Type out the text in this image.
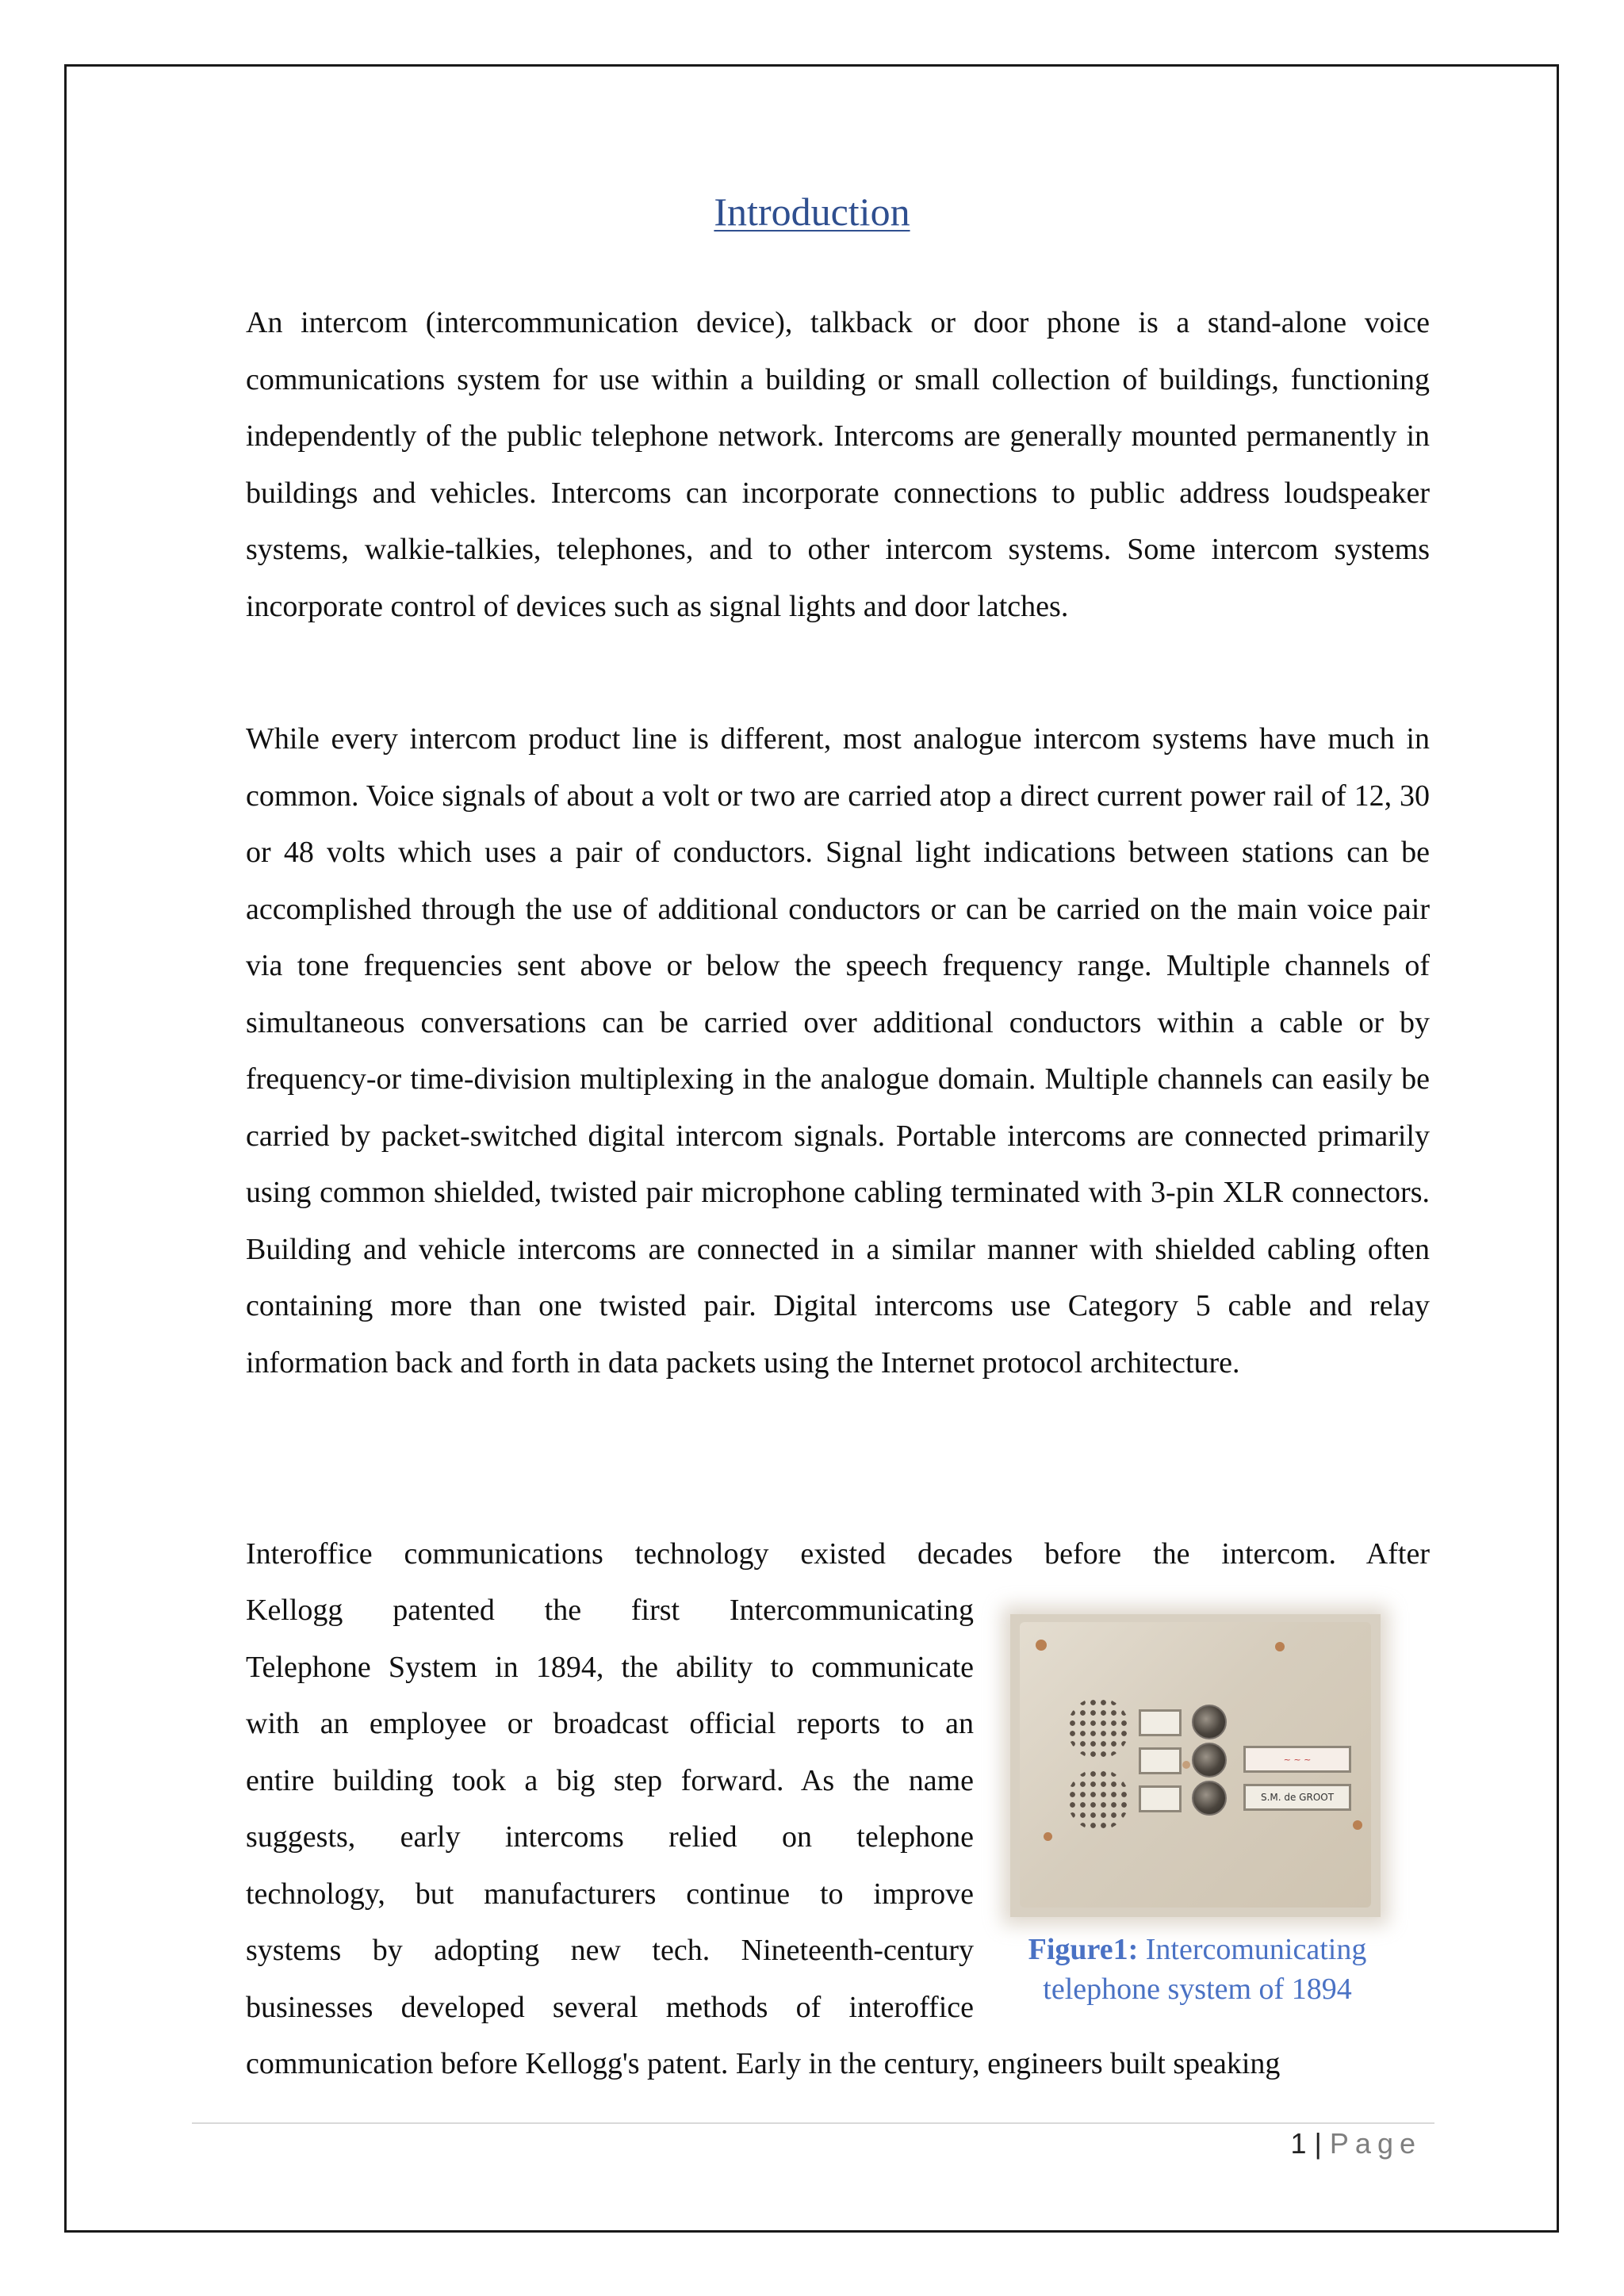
Introduction

An intercom (intercommunication device), talkback or door phone is a stand-alone voice communications system for use within a building or small collection of buildings, functioning independently of the public telephone network. Intercoms are generally mounted permanently in buildings and vehicles. Intercoms can incorporate connections to public address loudspeaker systems, walkie-talkies, telephones, and to other intercom systems. Some intercom systems incorporate control of devices such as signal lights and door latches.

While every intercom product line is different, most analogue intercom systems have much in common. Voice signals of about a volt or two are carried atop a direct current power rail of 12, 30 or 48 volts which uses a pair of conductors. Signal light indications between stations can be accomplished through the use of additional conductors or can be carried on the main voice pair via tone frequencies sent above or below the speech frequency range. Multiple channels of simultaneous conversations can be carried over additional conductors within a cable or by frequency-or time-division multiplexing in the analogue domain. Multiple channels can easily be carried by packet-switched digital intercom signals. Portable intercoms are connected primarily using common shielded, twisted pair microphone cabling terminated with 3-pin XLR connectors. Building and vehicle intercoms are connected in a similar manner with shielded cabling often containing more than one twisted pair. Digital intercoms use Category 5 cable and relay information back and forth in data packets using the Internet protocol architecture.

Interoffice communications technology existed decades before the intercom. After

Kellogg patented the first Intercommunicating
Telephone System in 1894, the ability to communicate
with an employee or broadcast official reports to an
entire building took a big step forward. As the name
suggests, early intercoms relied on telephone
technology, but manufacturers continue to improve
systems by adopting new tech. Nineteenth-century
businesses developed several methods of interoffice

communication before Kellogg's patent. Early in the century, engineers built speaking

~ ~ ~
S.M. de GROOT
Figure1: Intercomunicating
telephone system of 1894
1 | Page
